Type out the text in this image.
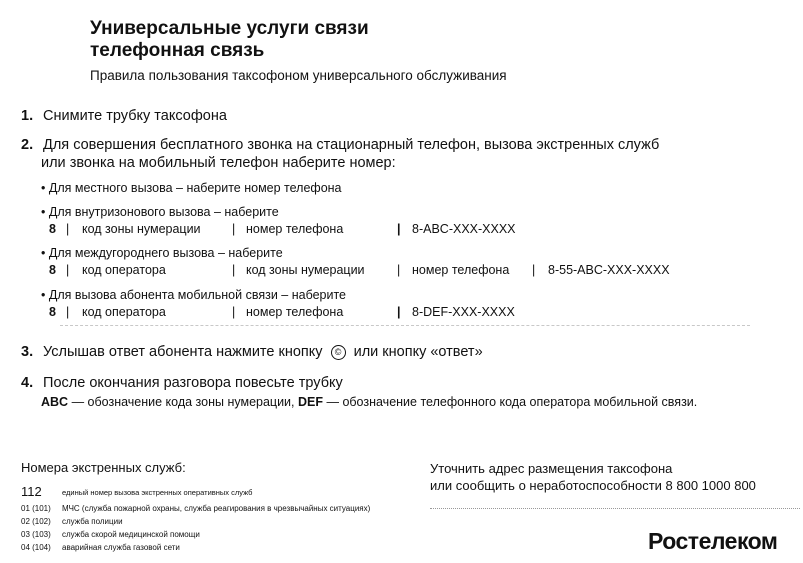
Универсальные услуги связи
телефонная связь
Правила пользования таксофоном универсального обслуживания
1. Снимите трубку таксофона
2. Для совершения бесплатного звонка на стационарный телефон, вызова экстренных служб
или звонка на мобильный телефон наберите номер:
• Для местного вызова – наберите номер телефона
• Для внутризонового вызова – наберите
8 | код зоны нумерации	| номер телефона	| 8-ABC-XXX-XXXX
• Для междугороднего вызова – наберите
8 | код оператора	| код зоны нумерации	| номер телефона | 8-55-ABC-XXX-XXXX
• Для вызова абонента мобильной связи – наберите
8 | код оператора	| номер телефона	| 8-DEF-XXX-XXXX
3. Услышав ответ абонента нажмите кнопку © или кнопку «ответ»
4. После окончания разговора повесьте трубку
ABC — обозначение кода зоны нумерации, DEF — обозначение телефонного кода оператора мобильной связи.
Номера экстренных служб:
112	единый номер вызова экстренных оперативных служб
01 (101) МЧС (служба пожарной охраны, служба реагирования в чрезвычайных ситуациях)
02 (102) служба полиции
03 (103) служба скорой медицинской помощи
04 (104) аварийная служба газовой сети
Уточнить адрес размещения таксофона
или сообщить о неработоспособности 8 800 1000 800
Ростелеком
